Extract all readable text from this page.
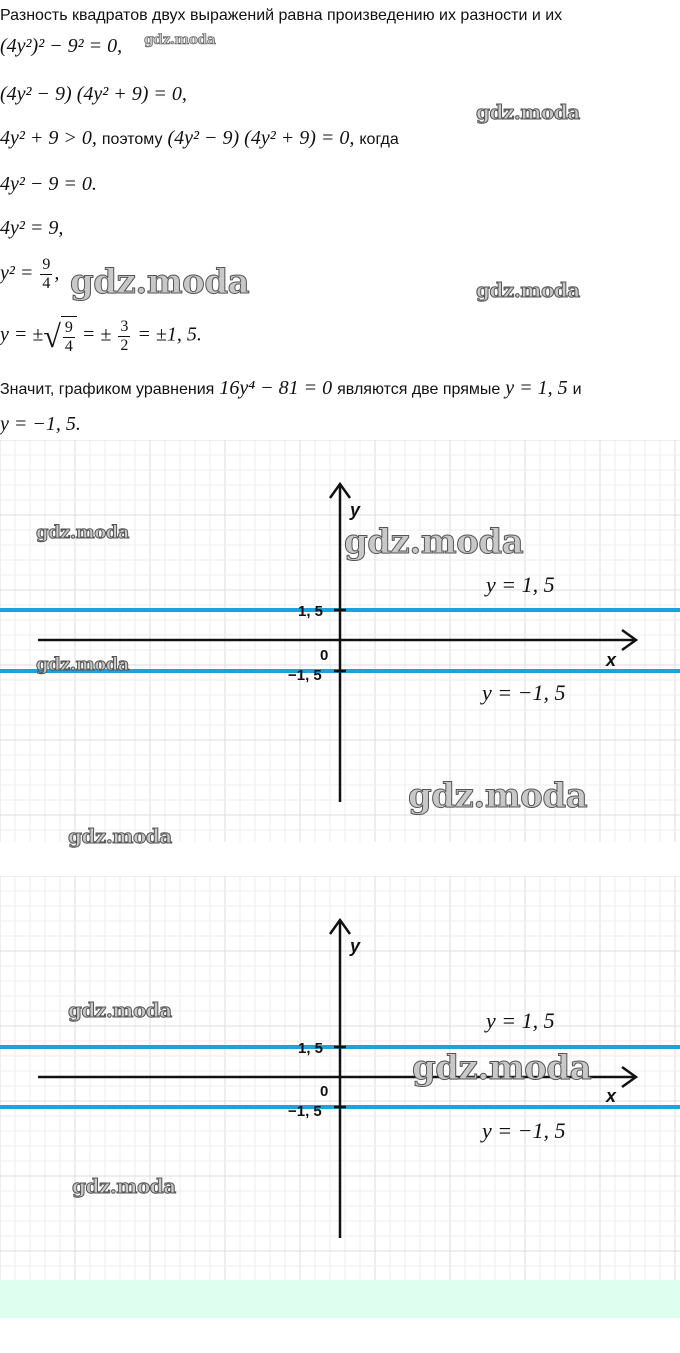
Разность квадратов двух выражений равна произведению их разности и их
(4y²)² − 9² = 0, gdz.moda
(4y² − 9) (4y² + 9) = 0,
4y² + 9 > 0, поэтому (4y² − 9) (4y² + 9) = 0, когда
gdz.moda
4y² − 9 = 0.
4y² = 9,
$y^2 = \frac{9}{4}$ , gdz.moda	gdz.moda
y = ±√ $\frac{9}{4}$ = ± $\frac{3}{2} = \pm 1$, 5.
Значит, графиком уравнения 16y⁴ − 81 = 0 являются две прямые y = 1, 5 и
y = −1, 5.
y
x
0
1, 5
−1, 5
y = 1, 5
y = −1, 5
gdz.moda	gdz.moda
gdz.moda
gdz.moda
gdz.moda
y
x
0
1, 5
−1, 5
y = 1, 5
y = −1, 5
gdz.moda
gdz.moda
gdz.moda
